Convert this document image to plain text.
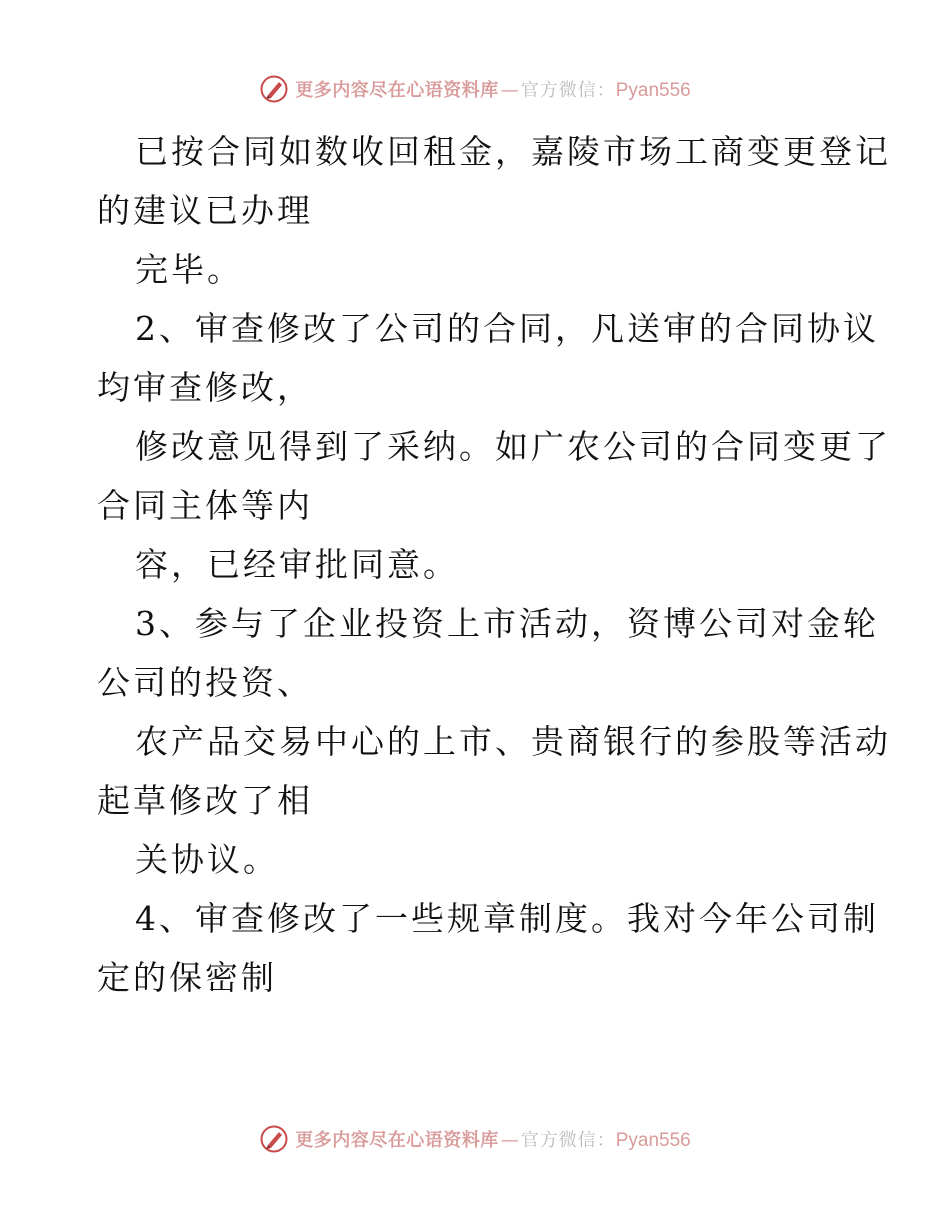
更多内容尽在心语资料库 — 官方微信： Pyan556
已按合同如数收回租金，嘉陵市场工商变更登记
的建议已办理
完毕。
2、审查修改了公司的合同，凡送审的合同协议
均审查修改，
修改意见得到了采纳。如广农公司的合同变更了
合同主体等内
容，已经审批同意。
3、参与了企业投资上市活动，资博公司对金轮
公司的投资、
农产品交易中心的上市、贵商银行的参股等活动
起草修改了相
关协议。
4、审查修改了一些规章制度。我对今年公司制
定的保密制
更多内容尽在心语资料库 — 官方微信： Pyan556
